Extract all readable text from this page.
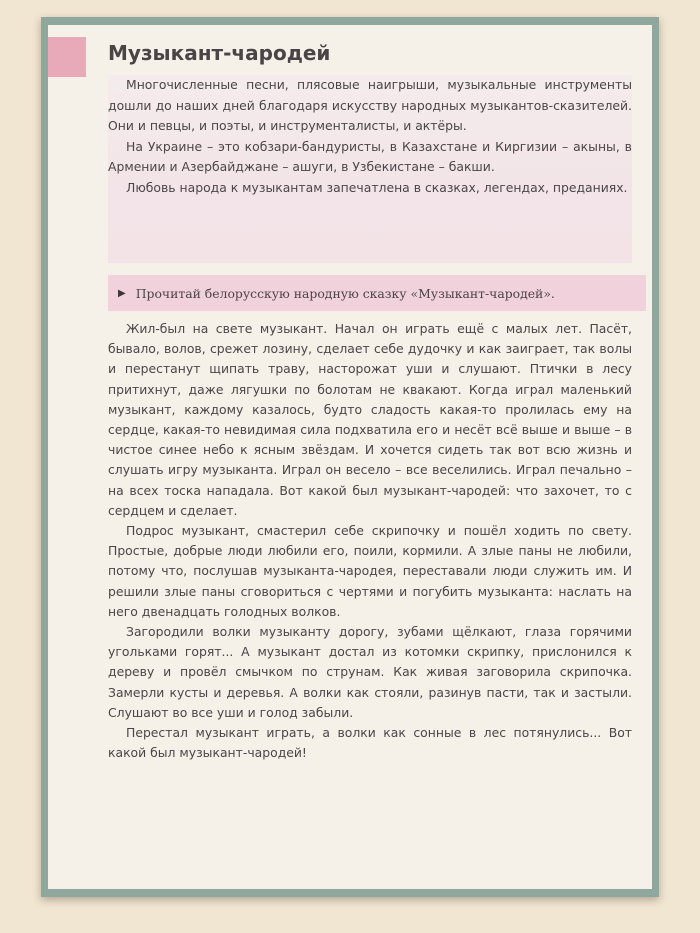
Музыкант-чародей

Многочисленные песни, плясовые наигрыши, музыкальные инструменты дошли до наших дней благодаря искусству народных музыкантов-сказителей. Они и певцы, и поэты, и инструменталисты, и актёры.

На Украине – это кобзари-бандуристы, в Казахстане и Киргизии – акыны, в Армении и Азербайджане – ашуги, в Узбекистане – бакши.

Любовь народа к музыкантам запечатлена в сказках, легендах, преданиях.

▶ Прочитай белорусскую народную сказку «Музыкант-чародей».

Жил-был на свете музыкант. Начал он играть ещё с малых лет. Пасёт, бывало, волов, срежет лозину, сделает себе дудочку и как заиграет, так волы и перестанут щипать траву, насторожат уши и слушают. Птички в лесу притихнут, даже лягушки по болотам не квакают. Когда играл маленький музыкант, каждому казалось, будто сладость какая-то пролилась ему на сердце, какая-то невидимая сила подхватила его и несёт всё выше и выше – в чистое синее небо к ясным звёздам. И хочется сидеть так вот всю жизнь и слушать игру музыканта. Играл он весело – все веселились. Играл печально – на всех тоска нападала. Вот какой был музыкант-чародей: что захочет, то с сердцем и сделает.

Подрос музыкант, смастерил себе скрипочку и пошёл ходить по свету. Простые, добрые люди любили его, поили, кормили. А злые паны не любили, потому что, послушав музыканта-чародея, переставали люди служить им. И решили злые паны сговориться с чертями и погубить музыканта: наслать на него двенадцать голодных волков.

Загородили волки музыканту дорогу, зубами щёлкают, глаза горячими угольками горят... А музыкант достал из котомки скрипку, прислонился к дереву и провёл смычком по струнам. Как живая заговорила скрипочка. Замерли кусты и деревья. А волки как стояли, разинув пасти, так и застыли. Слушают во все уши и голод забыли.

Перестал музыкант играть, а волки как сонные в лес потянулись... Вот какой был музыкант-чародей!
